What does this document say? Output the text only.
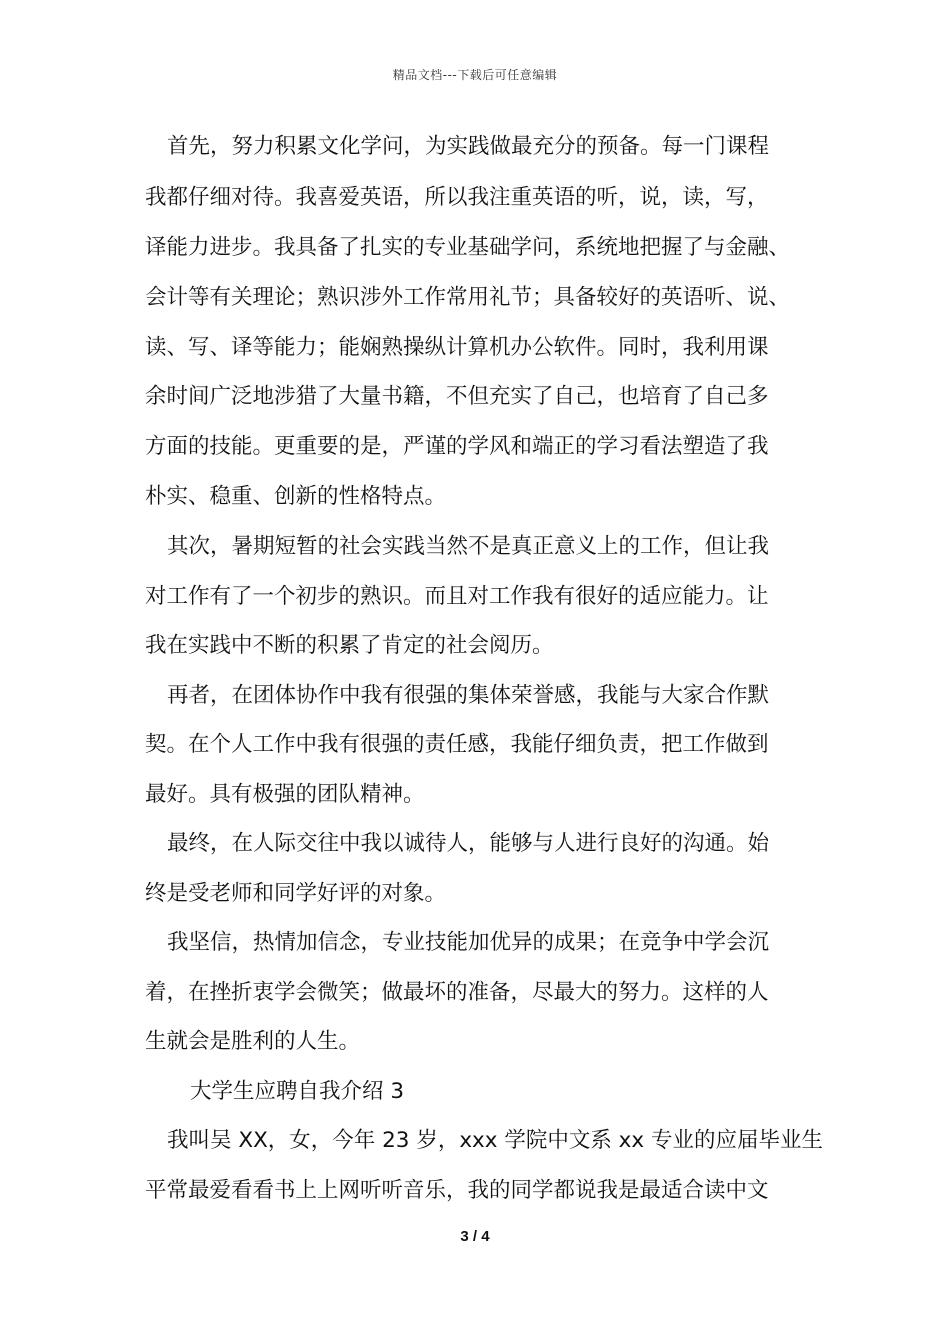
精品文档---下载后可任意编辑
首先，努力积累文化学问，为实践做最充分的预备。每一门课程
我都仔细对待。我喜爱英语，所以我注重英语的听，说，读，写，
译能力进步。我具备了扎实的专业基础学问，系统地把握了与金融、
会计等有关理论；熟识涉外工作常用礼节；具备较好的英语听、说、
读、写、译等能力；能娴熟操纵计算机办公软件。同时，我利用课
余时间广泛地涉猎了大量书籍，不但充实了自己，也培育了自己多
方面的技能。更重要的是，严谨的学风和端正的学习看法塑造了我
朴实、稳重、创新的性格特点。
其次，暑期短暂的社会实践当然不是真正意义上的工作，但让我
对工作有了一个初步的熟识。而且对工作我有很好的适应能力。让
我在实践中不断的积累了肯定的社会阅历。
再者，在团体协作中我有很强的集体荣誉感，我能与大家合作默
契。在个人工作中我有很强的责任感，我能仔细负责，把工作做到
最好。具有极强的团队精神。
最终，在人际交往中我以诚待人，能够与人进行良好的沟通。始
终是受老师和同学好评的对象。
我坚信，热情加信念，专业技能加优异的成果；在竞争中学会沉
着，在挫折衷学会微笑；做最坏的准备，尽最大的努力。这样的人
生就会是胜利的人生。
大学生应聘自我介绍 3
我叫吴 XX，女，今年 23 岁，xxx 学院中文系 xx 专业的应届毕业生
平常最爱看看书上上网听听音乐，我的同学都说我是最适合读中文
3 / 4
